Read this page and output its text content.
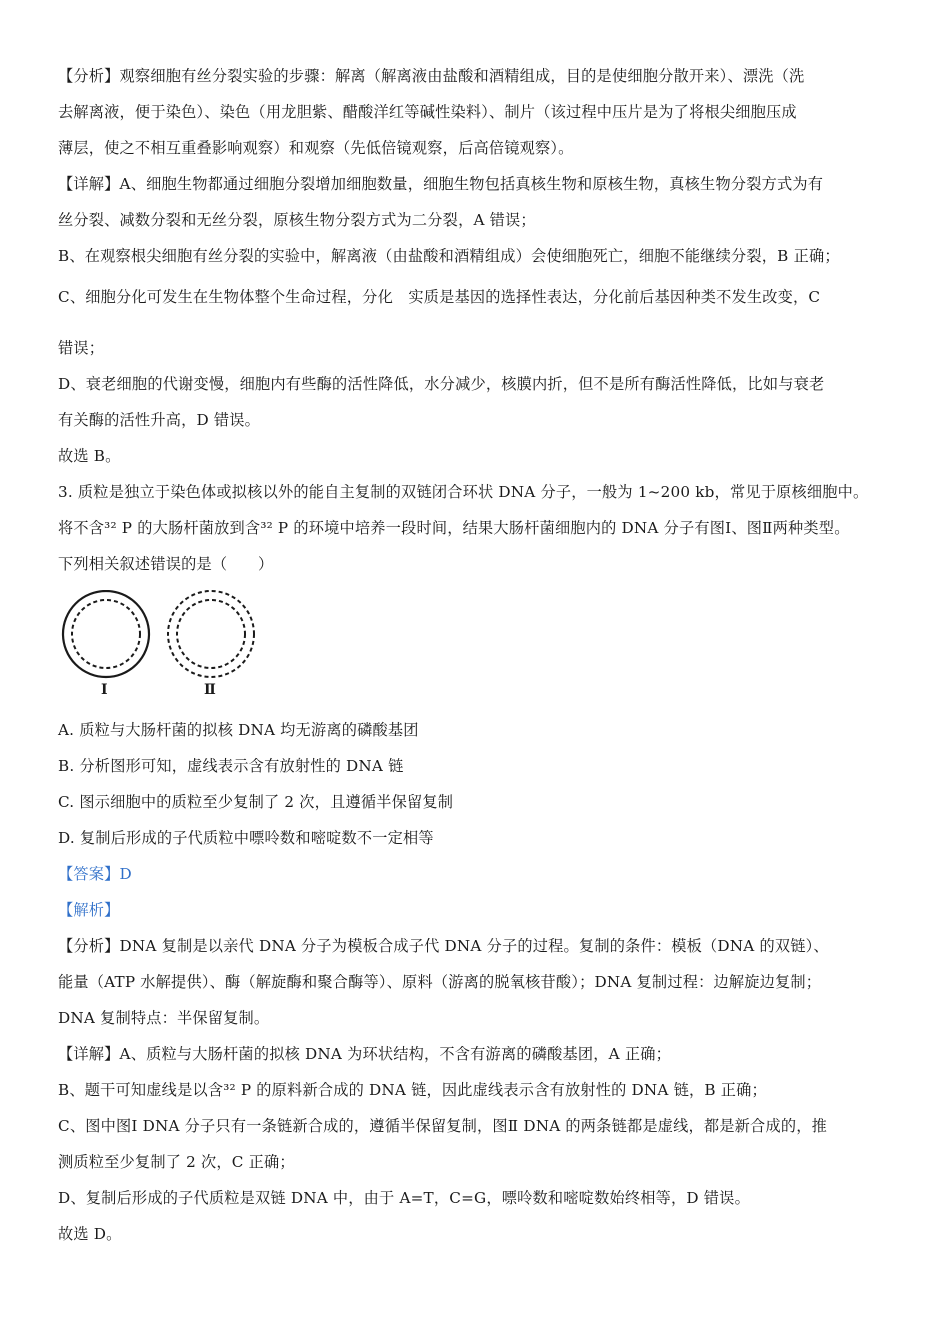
【分析】观察细胞有丝分裂实验的步骤：解离（解离液由盐酸和酒精组成，目的是使细胞分散开来）、漂洗（洗
去解离液，便于染色）、染色（用龙胆紫、醋酸洋红等碱性染料）、制片（该过程中压片是为了将根尖细胞压成
薄层，使之不相互重叠影响观察）和观察（先低倍镜观察，后高倍镜观察）。
【详解】A、细胞生物都通过细胞分裂增加细胞数量，细胞生物包括真核生物和原核生物，真核生物分裂方式为有
丝分裂、减数分裂和无丝分裂，原核生物分裂方式为二分裂，A 错误；
B、在观察根尖细胞有丝分裂的实验中，解离液（由盐酸和酒精组成）会使细胞死亡，细胞不能继续分裂，B 正确；
C、细胞分化可发生在生物体整个生命过程，分化　实质是基因的选择性表达，分化前后基因种类不发生改变，C
错误；
D、衰老细胞的代谢变慢，细胞内有些酶的活性降低，水分减少，核膜内折，但不是所有酶活性降低，比如与衰老
有关酶的活性升高，D 错误。
故选 B。
3. 质粒是独立于染色体或拟核以外的能自主复制的双链闭合环状 DNA 分子，一般为 1~200 kb，常见于原核细胞中。
将不含³² P 的大肠杆菌放到含³² P 的环境中培养一段时间，结果大肠杆菌细胞内的 DNA 分子有图Ⅰ、图Ⅱ两种类型。
下列相关叙述错误的是（　　）
Ⅰ	Ⅱ
A. 质粒与大肠杆菌的拟核 DNA 均无游离的磷酸基团
B. 分析图形可知，虚线表示含有放射性的 DNA 链
C. 图示细胞中的质粒至少复制了 2 次，且遵循半保留复制
D. 复制后形成的子代质粒中嘌呤数和嘧啶数不一定相等
【答案】D
【解析】
【分析】DNA 复制是以亲代 DNA 分子为模板合成子代 DNA 分子的过程。复制的条件：模板（DNA 的双链）、
能量（ATP 水解提供）、酶（解旋酶和聚合酶等）、原料（游离的脱氧核苷酸）；DNA 复制过程：边解旋边复制；
DNA 复制特点：半保留复制。
【详解】A、质粒与大肠杆菌的拟核 DNA 为环状结构，不含有游离的磷酸基团，A 正确；
B、题干可知虚线是以含³² P 的原料新合成的 DNA 链，因此虚线表示含有放射性的 DNA 链，B 正确；
C、图中图Ⅰ DNA 分子只有一条链新合成的，遵循半保留复制，图Ⅱ DNA 的两条链都是虚线，都是新合成的，推
测质粒至少复制了 2 次，C 正确；
D、复制后形成的子代质粒是双链 DNA 中，由于 A=T，C=G，嘌呤数和嘧啶数始终相等，D 错误。
故选 D。
